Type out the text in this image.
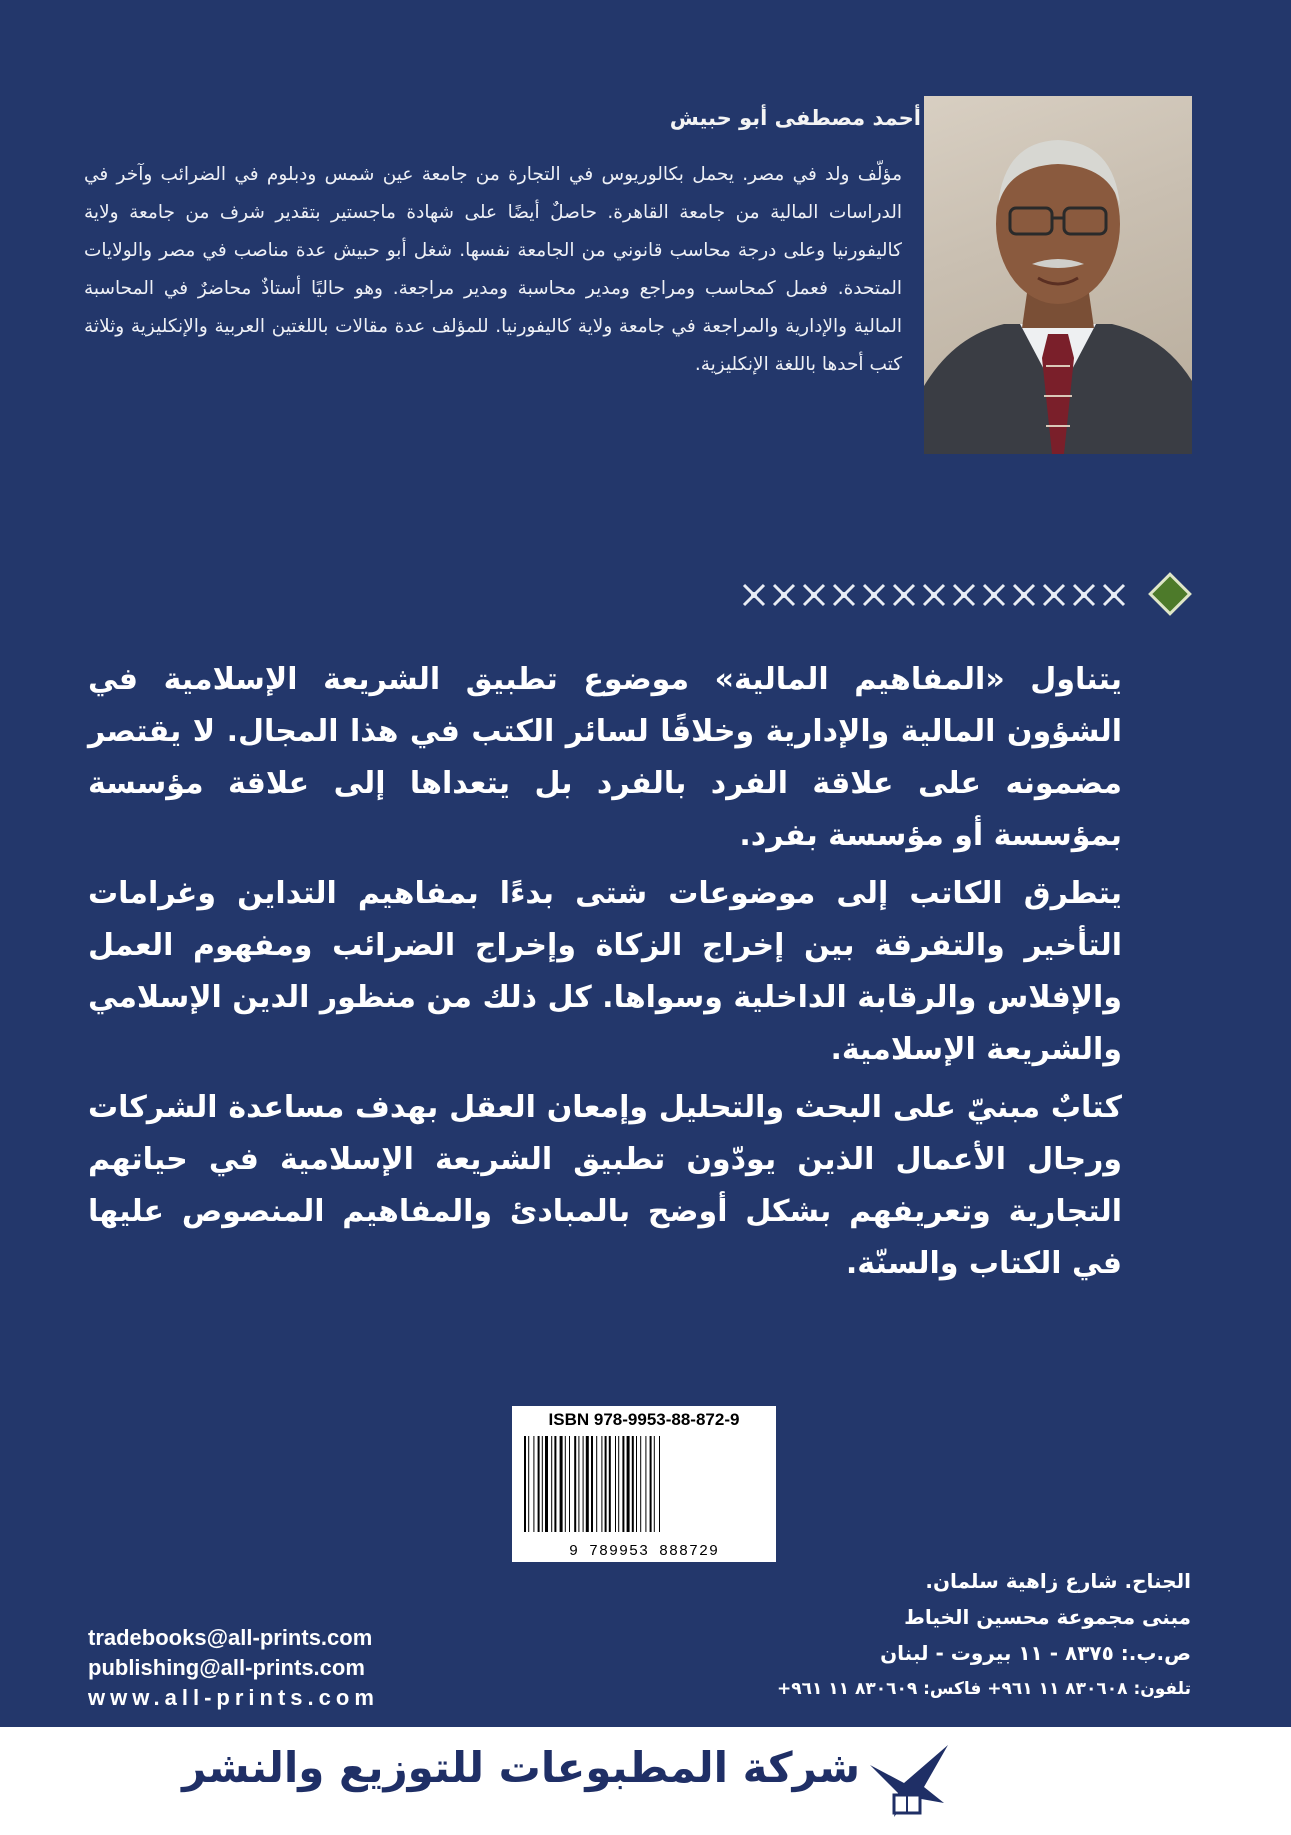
أحمد مصطفى أبو حبيش
مؤلّف ولد في مصر. يحمل بكالوريوس في التجارة من جامعة عين شمس ودبلوم في الضرائب وآخر في الدراسات المالية من جامعة القاهرة. حاصلٌ أيضًا على شهادة ماجستير بتقدير شرف من جامعة ولاية كاليفورنيا وعلى درجة محاسب قانوني من الجامعة نفسها. شغل أبو حبيش عدة مناصب في مصر والولايات المتحدة. فعمل كمحاسب ومراجع ومدير محاسبة ومدير مراجعة. وهو حاليًا أستاذٌ محاضرٌ في المحاسبة المالية والإدارية والمراجعة في جامعة ولاية كاليفورنيا. للمؤلف عدة مقالات باللغتين العربية والإنكليزية وثلاثة كتب أحدها باللغة الإنكليزية.

يتناول «المفاهيم المالية» موضوع تطبيق الشريعة الإسلامية في الشؤون المالية والإدارية وخلافًا لسائر الكتب في هذا المجال. لا يقتصر مضمونه على علاقة الفرد بالفرد بل يتعداها إلى علاقة مؤسسة بمؤسسة أو مؤسسة بفرد.

يتطرق الكاتب إلى موضوعات شتى بدءًا بمفاهيم التداين وغرامات التأخير والتفرقة بين إخراج الزكاة وإخراج الضرائب ومفهوم العمل والإفلاس والرقابة الداخلية وسواها. كل ذلك من منظور الدين الإسلامي والشريعة الإسلامية.

كتابٌ مبنيّ على البحث والتحليل وإمعان العقل بهدف مساعدة الشركات ورجال الأعمال الذين يودّون تطبيق الشريعة الإسلامية في حياتهم التجارية وتعريفهم بشكل أوضح بالمبادئ والمفاهيم المنصوص عليها في الكتاب والسنّة.

ISBN 978-9953-88-872-9
9 789953 888729
الجناح. شارع زاهية سلمان.
مبنى مجموعة محسين الخياط
ص.ب.: ٨٣٧٥ - ١١ بيروت - لبنان
تلفون: ٨٣٠٦٠٨ ١١ ٩٦١+ فاكس: ٨٣٠٦٠٩ ١١ ٩٦١+
tradebooks@all-prints.com
publishing@all-prints.com
www.all-prints.com
شركة المطبوعات للتوزيع والنشر
